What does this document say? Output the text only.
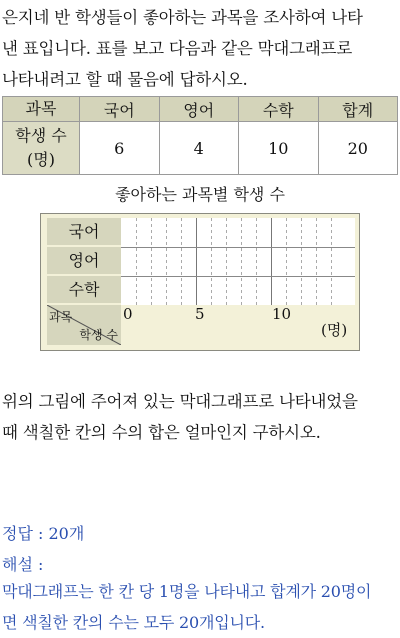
은지네 반 학생들이 좋아하는 과목을 조사하여 나타
낸 표입니다. 표를 보고 다음과 같은 막대그래프로
나타내려고 할 때 물음에 답하시오.
과목	국어	영어	수학	합계

학생 수
(명)	6	4	10	20
좋아하는 과목별 학생 수
국어
영어
수학
과목
학생 수
0	5	10
(명)
위의 그림에 주어져 있는 막대그래프로 나타내었을
때 색칠한 칸의 수의 합은 얼마인지 구하시오.
정답 : 20개
해설 :
막대그래프는 한 칸 당 1명을 나타내고 합계가 20명이
면 색칠한 칸의 수는 모두 20개입니다.
